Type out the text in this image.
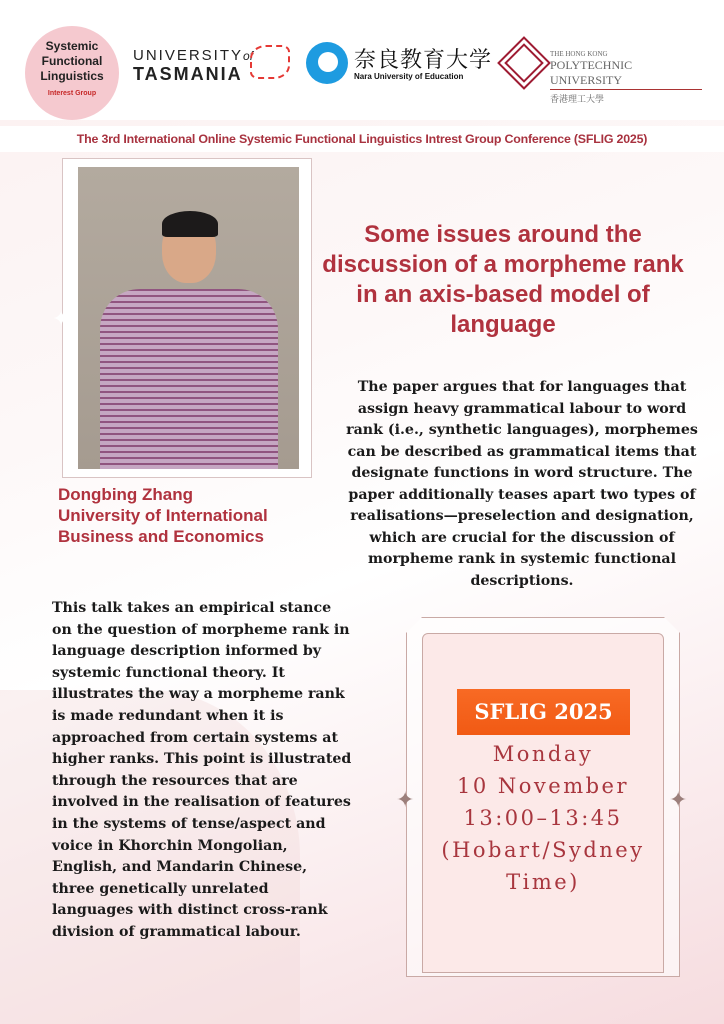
Systemic
Functional
Linguistics
Interest Group
UNIVERSITYof
TASMANIA
奈良教育大学
Nara University of Education
THE HONG KONG
POLYTECHNIC UNIVERSITY
香港理工大學
The 3rd International Online Systemic Functional Linguistics Intrest Group Conference (SFLIG 2025)
Some issues around the discussion of a morpheme rank in an axis-based model of language
The paper argues that for languages that assign heavy grammatical labour to word rank (i.e., synthetic languages), morphemes can be described as grammatical items that designate functions in word structure. The paper additionally teases apart two types of realisations—preselection and designation, which are crucial for the discussion of morpheme rank in systemic functional descriptions.
Dongbing Zhang
University of International Business and Economics
This talk takes an empirical stance on the question of morpheme rank in language description informed by systemic functional theory. It illustrates the way a morpheme rank is made redundant when it is approached from certain systems at higher ranks. This point is illustrated through the resources that are involved in the realisation of features in the systems of tense/aspect and voice in Khorchin Mongolian, English, and Mandarin Chinese, three genetically unrelated languages with distinct cross-rank division of grammatical labour.
✦	✦
✦
SFLIG 2025
Monday
10 November
13:00–13:45
(Hobart/Sydney
Time)
